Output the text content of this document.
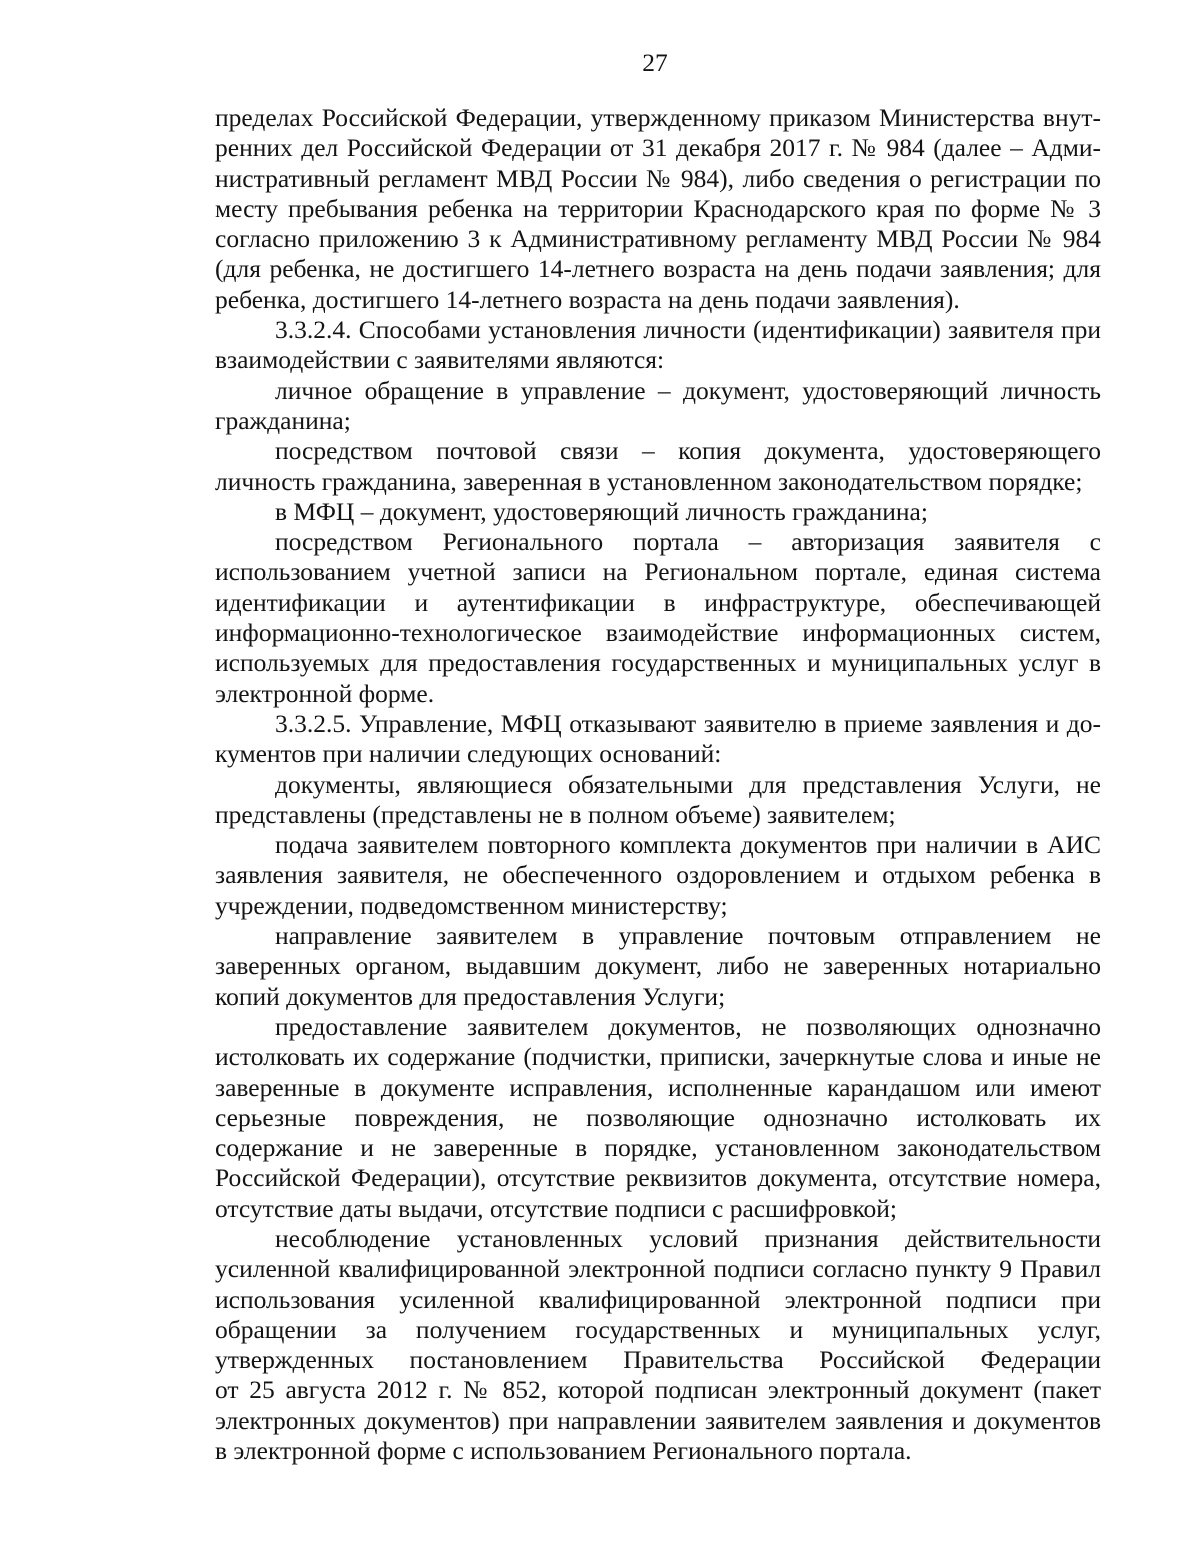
27
пределах Российской Федерации, утвержденному приказом Министерства внут-
ренних дел Российской Федерации от 31 декабря 2017 г. № 984 (далее – Адми-
нистративный регламент МВД России № 984), либо сведения о регистрации по
месту пребывания ребенка на территории Краснодарского края по форме № 3
согласно приложению 3 к Административному регламенту МВД России № 984
(для ребенка, не достигшего 14-летнего возраста на день подачи заявления; для
ребенка, достигшего 14-летнего возраста на день подачи заявления).
3.3.2.4. Способами установления личности (идентификации) заявителя при
взаимодействии с заявителями являются:
личное обращение в управление – документ, удостоверяющий личность
гражданина;
посредством почтовой связи – копия документа, удостоверяющего
личность гражданина, заверенная в установленном законодательством порядке;
в МФЦ – документ, удостоверяющий личность гражданина;
посредством Регионального портала – авторизация заявителя с
использованием учетной записи на Региональном портале, единая система
идентификации и аутентификации в инфраструктуре, обеспечивающей
информационно-технологическое взаимодействие информационных систем,
используемых для предоставления государственных и муниципальных услуг в
электронной форме.
3.3.2.5. Управление, МФЦ отказывают заявителю в приеме заявления и до-
кументов при наличии следующих оснований:
документы, являющиеся обязательными для представления Услуги, не
представлены (представлены не в полном объеме) заявителем;
подача заявителем повторного комплекта документов при наличии в АИС
заявления заявителя, не обеспеченного оздоровлением и отдыхом ребенка в
учреждении, подведомственном министерству;
направление заявителем в управление почтовым отправлением не
заверенных органом, выдавшим документ, либо не заверенных нотариально
копий документов для предоставления Услуги;
предоставление заявителем документов, не позволяющих однозначно
истолковать их содержание (подчистки, приписки, зачеркнутые слова и иные не
заверенные в документе исправления, исполненные карандашом или имеют
серьезные повреждения, не позволяющие однозначно истолковать их
содержание и не заверенные в порядке, установленном законодательством
Российской Федерации), отсутствие реквизитов документа, отсутствие номера,
отсутствие даты выдачи, отсутствие подписи с расшифровкой;
несоблюдение установленных условий признания действительности
усиленной квалифицированной электронной подписи согласно пункту 9 Правил
использования усиленной квалифицированной электронной подписи при
обращении за получением государственных и муниципальных услуг,
утвержденных постановлением Правительства Российской Федерации
от 25 августа 2012 г. № 852, которой подписан электронный документ (пакет
электронных документов) при направлении заявителем заявления и документов
в электронной форме с использованием Регионального портала.
